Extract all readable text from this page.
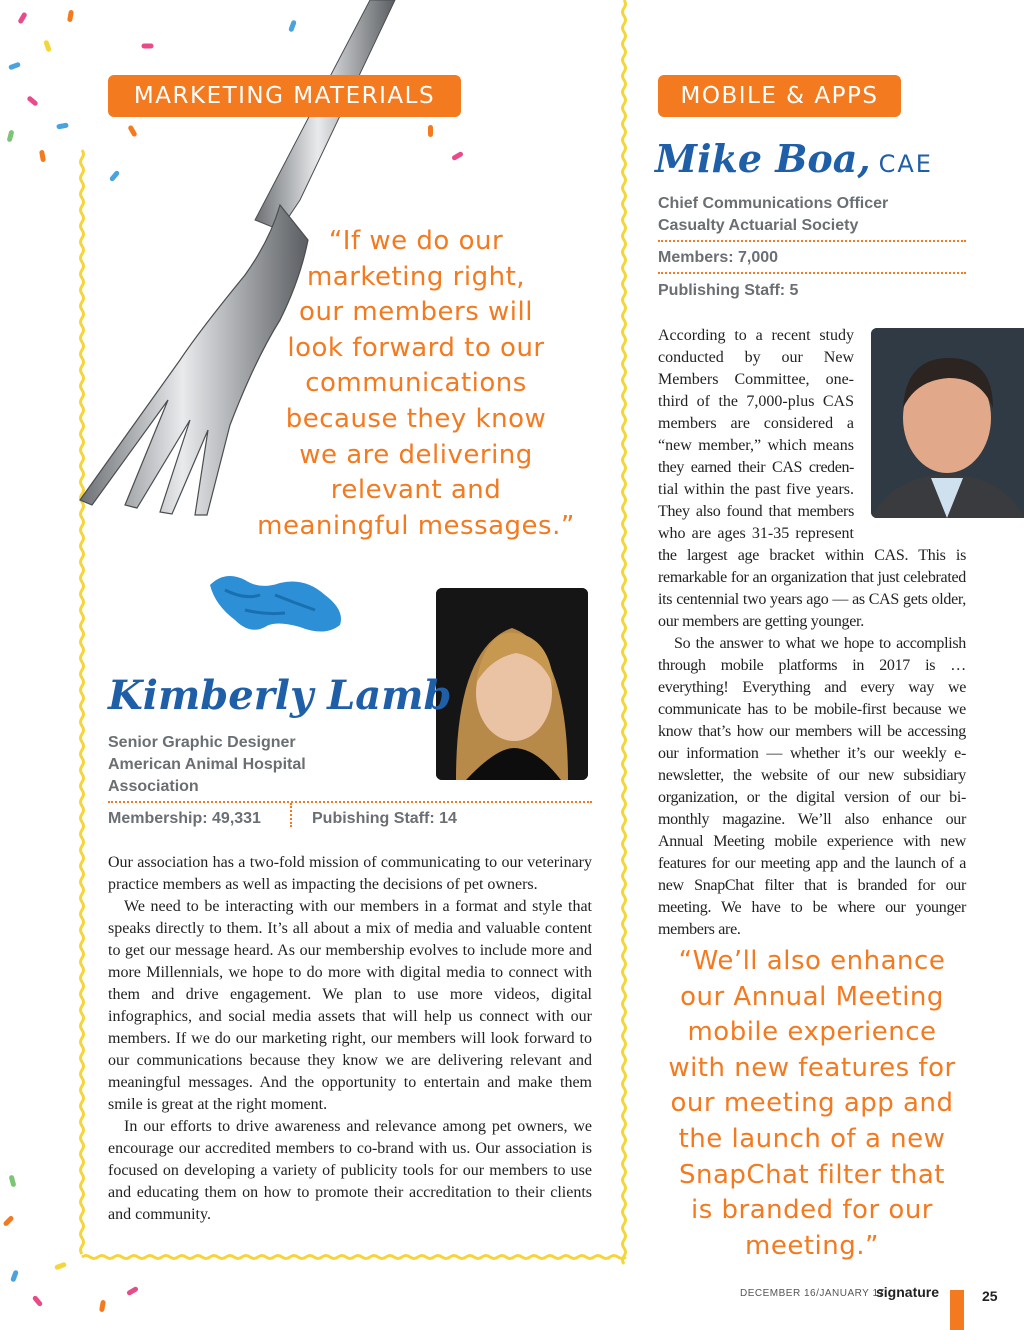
MARKETING MATERIALS
“If we do our
marketing right,
our members will
look forward to our
communications
because they know
we are delivering
relevant and
meaningful messages.”
Kimberly Lamb
Senior Graphic Designer
American Animal Hospital
Association
Membership: 49,331	Pubishing Staff: 14

Our association has a two-fold mission of communicating to our veterinary practice members as well as impacting the decisions of pet owners.

We need to be interacting with our members in a format and style that speaks directly to them. It’s all about a mix of media and valuable content to get our message heard. As our membership evolves to include more and more Millennials, we hope to do more with digital media to connect with them and drive engagement. We plan to use more videos, digital infographics, and social media assets that will help us connect with our members. If we do our marketing right, our members will look forward to our communications because they know we are delivering relevant and meaningful messages. And the opportunity to entertain and make them smile is great at the right moment.

In our efforts to drive awareness and relevance among pet owners, we encourage our accredited members to co-brand with us. Our association is focused on developing a variety of publicity tools for our members to use and educating them on how to promote their accreditation to their clients and community.

MOBILE & APPS
Mike Boa, CAE
Chief Communications Officer
Casualty Actuarial Society
Members: 7,000
Publishing Staff: 5
According to a recent study
conducted by our New
Members Committee, one-
third of the 7,000-plus CAS
members are considered a
“new member,” which means
they earned their CAS creden-
tial within the past five years.
They also found that members
who are ages 31-35 represent

the largest age bracket within CAS. This is remarkable for an organization that just celebrated its centennial two years ago — as CAS gets older, our members are getting younger.

So the answer to what we hope to accomplish through mobile platforms in 2017 is … everything! Everything and every way we communicate has to be mobile-first because we know that’s how our members will be accessing our information — whether it’s our weekly e-newsletter, the website of our new subsidiary organization, or the digital version of our bi-monthly magazine. We’ll also enhance our Annual Meeting mobile experience with new features for our meeting app and the launch of a new SnapChat filter that is branded for our meeting. We have to be where our younger members are.

“We’ll also enhance
our Annual Meeting
mobile experience
with new features for
our meeting app and
the launch of a new
SnapChat filter that
is branded for our
meeting.”
DECEMBER 16/JANUARY 17
signature	25
